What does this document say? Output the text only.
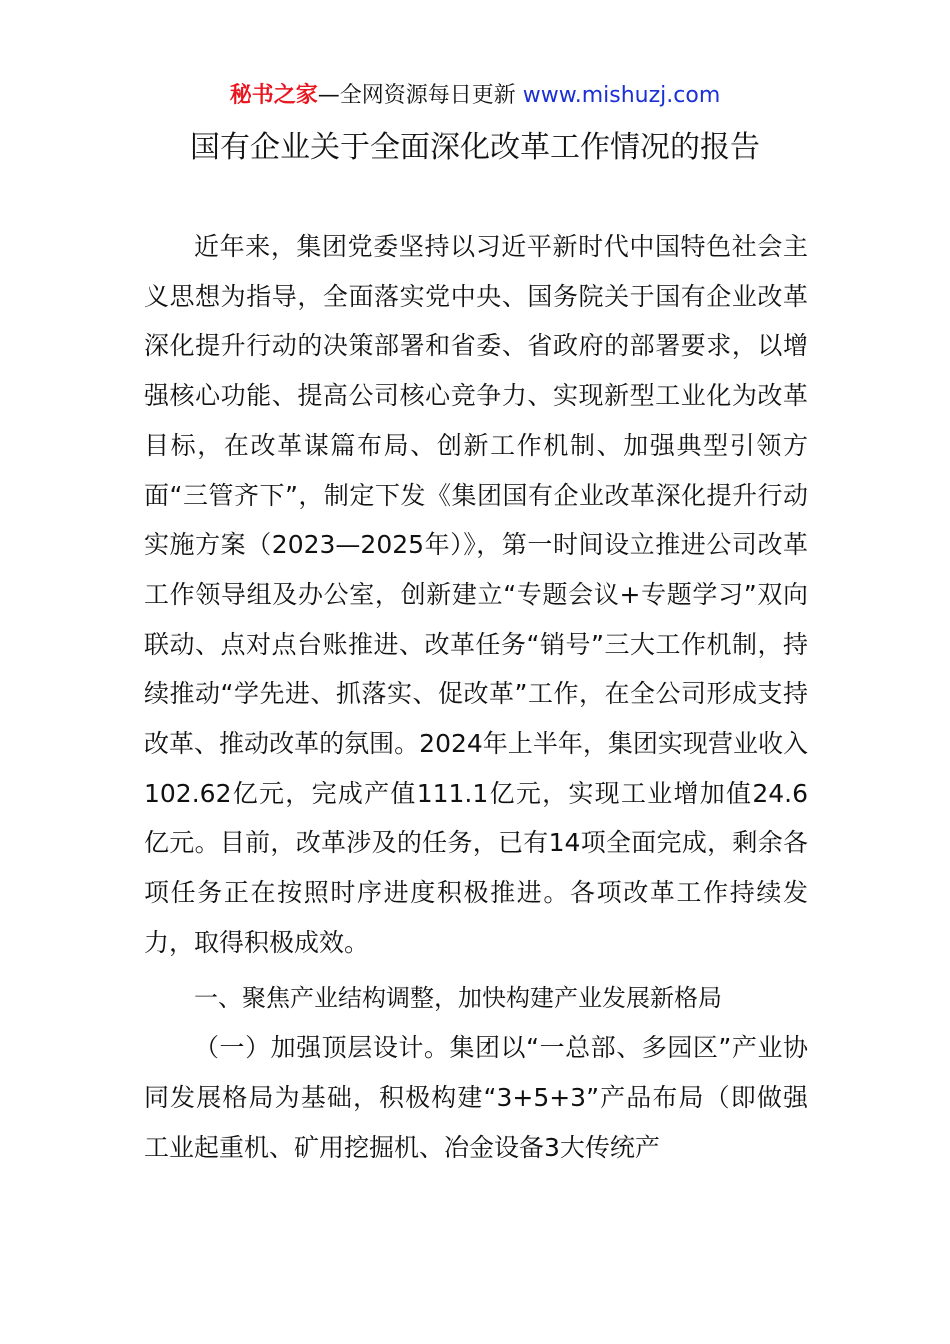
秘书之家—全网资源每日更新 www.mishuzj.com
国有企业关于全面深化改革工作情况的报告

近年来，集团党委坚持以习近平新时代中国特色社会主义思想为指导，全面落实党中央、国务院关于国有企业改革深化提升行动的决策部署和省委、省政府的部署要求，以增强核心功能、提高公司核心竞争力、实现新型工业化为改革目标，在改革谋篇布局、创新工作机制、加强典型引领方面“三管齐下”，制定下发《集团国有企业改革深化提升行动实施方案（2023—2025年）》，第一时间设立推进公司改革工作领导组及办公室，创新建立“专题会议+专题学习”双向联动、点对点台账推进、改革任务“销号”三大工作机制，持续推动“学先进、抓落实、促改革”工作，在全公司形成支持改革、推动改革的氛围。2024年上半年，集团实现营业收入102.62亿元，完成产值111.1亿元，实现工业增加值24.6亿元。目前，改革涉及的任务，已有14项全面完成，剩余各项任务正在按照时序进度积极推进。各项改革工作持续发力，取得积极成效。

一、聚焦产业结构调整，加快构建产业发展新格局

（一）加强顶层设计。集团以“一总部、多园区”产业协同发展格局为基础，积极构建“3+5+3”产品布局（即做强工业起重机、矿用挖掘机、冶金设备3大传统产
